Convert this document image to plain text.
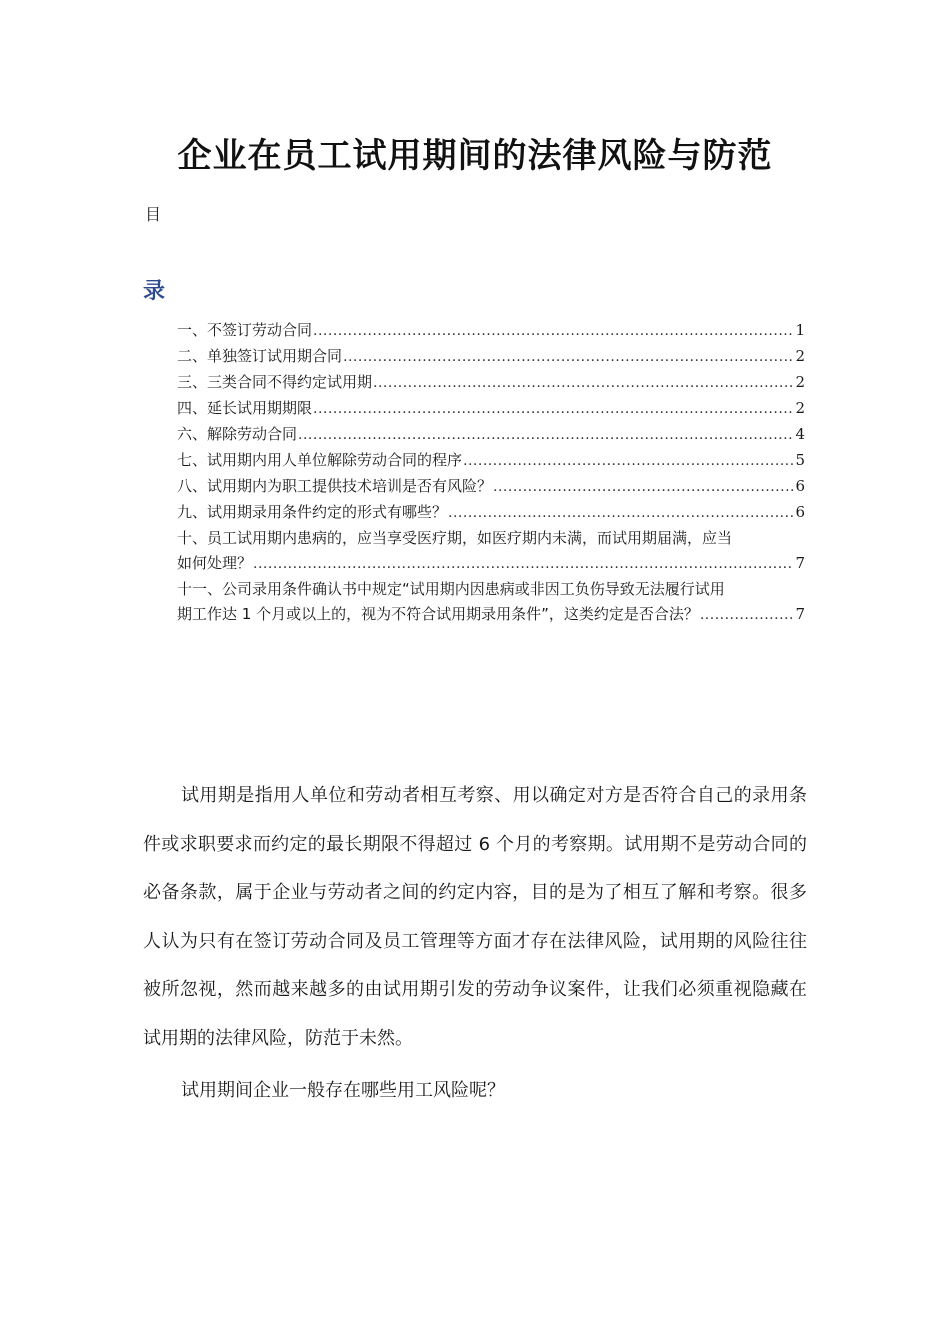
企业在员工试用期间的法律风险与防范
目
录
一、不签订劳动合同 .....	1
二、单独签订试用期合同 .....	2
三、三类合同不得约定试用期 .....	2
四、延长试用期期限 .....	2
六、解除劳动合同 .....	4
七、试用期内用人单位解除劳动合同的程序 .....	5
八、试用期内为职工提供技术培训是否有风险？ .....	6
九、试用期录用条件约定的形式有哪些？ .....	6
十、员工试用期内患病的，应当享受医疗期，如医疗期内未满，而试用期届满，应当
如何处理？ .....	7
十一、公司录用条件确认书中规定“试用期内因患病或非因工负伤导致无法履行试用
期工作达 1 个月或以上的，视为不符合试用期录用条件”，这类约定是否合法？ .....	7

试用期是指用人单位和劳动者相互考察、用以确定对方是否符合自己的录用条件或求职要求而约定的最长期限不得超过 6 个月的考察期。试用期不是劳动合同的必备条款，属于企业与劳动者之间的约定内容，目的是为了相互了解和考察。很多人认为只有在签订劳动合同及员工管理等方面才存在法律风险，试用期的风险往往被所忽视，然而越来越多的由试用期引发的劳动争议案件，让我们必须重视隐藏在试用期的法律风险，防范于未然。

试用期间企业一般存在哪些用工风险呢？
